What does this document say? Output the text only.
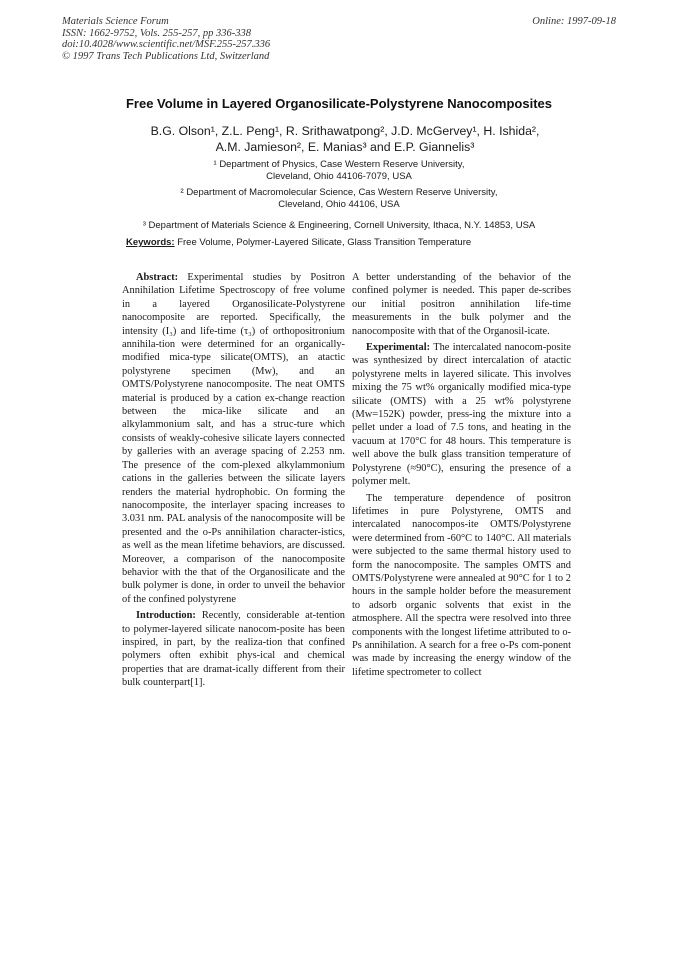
Materials Science Forum
ISSN: 1662-9752, Vols. 255-257, pp 336-338
doi:10.4028/www.scientific.net/MSF.255-257.336
© 1997 Trans Tech Publications Ltd, Switzerland
Online: 1997-09-18
Free Volume in Layered Organosilicate-Polystyrene Nanocomposites
B.G. Olson¹, Z.L. Peng¹, R. Srithawatpong², J.D. McGervey¹, H. Ishida²,
A.M. Jamieson², E. Manias³ and E.P. Giannelis³
¹ Department of Physics, Case Western Reserve University,
Cleveland, Ohio 44106-7079, USA
² Department of Macromolecular Science, Cas Western Reserve University,
Cleveland, Ohio 44106, USA
³ Department of Materials Science & Engineering, Cornell University, Ithaca, N.Y. 14853, USA
Keywords: Free Volume, Polymer-Layered Silicate, Glass Transition Temperature

Abstract: Experimental studies by Positron Annihilation Lifetime Spectroscopy of free volume in a layered Organosilicate-Polystyrene nanocomposite are reported. Specifically, the intensity (I₃) and life-time (τ₃) of orthopositronium annihila-tion were determined for an organically-modified mica-type silicate(OMTS), an atactic polystyrene specimen (Mᴡ), and an OMTS/Polystyrene nanocomposite. The neat OMTS material is produced by a cation ex-change reaction between the mica-like silicate and an alkylammonium salt, and has a struc-ture which consists of weakly-cohesive silicate layers connected by galleries with an average spacing of 2.253 nm. The presence of the com-plexed alkylammonium cations in the galleries between the silicate layers renders the material hydrophobic. On forming the nanocomposite, the interlayer spacing increases to 3.031 nm. PAL analysis of the nanocomposite will be presented and the o-Ps annihilation character-istics, as well as the mean lifetime behaviors, are discussed. Moreover, a comparison of the nanocomposite behavior with the that of the Organosilicate and the bulk polymer is done, in order to unveil the behavior of the confined polystyrene

Introduction: Recently, considerable at-tention to polymer-layered silicate nanocom-posite has been inspired, in part, by the realiza-tion that confined polymers often exhibit phys-ical and chemical properties that are dramat-ically different from their bulk counterpart[1].

A better understanding of the behavior of the confined polymer is needed. This paper de-scribes our initial positron annihilation life-time measurements in the bulk polymer and the nanocomposite with that of the Organosil-icate.

Experimental: The intercalated nanocom-posite was synthesized by direct intercalation of atactic polystyrene melts in layered silicate. This involves mixing the 75 wt% organically modified mica-type silicate (OMTS) with a 25 wt% polystyrene (Mᴡ=152K) powder, press-ing the mixture into a pellet under a load of 7.5 tons, and heating in the vacuum at 170°C for 48 hours. This temperature is well above the bulk glass transition temperature of Polystyrene (≈90°C), ensuring the presence of a polymer melt.

The temperature dependence of positron lifetimes in pure Polystyrene, OMTS and intercalated nanocompos-ite OMTS/Polystyrene were determined from -60°C to 140°C. All materials were subjected to the same thermal history used to form the nanocomposite. The samples OMTS and OMTS/Polystyrene were annealed at 90°C for 1 to 2 hours in the sample holder before the measurement to adsorb organic solvents that exist in the atmosphere. All the spectra were resolved into three components with the longest lifetime attributed to o-Ps annihilation. A search for a free o-Ps com-ponent was made by increasing the energy window of the lifetime spectrometer to collect
